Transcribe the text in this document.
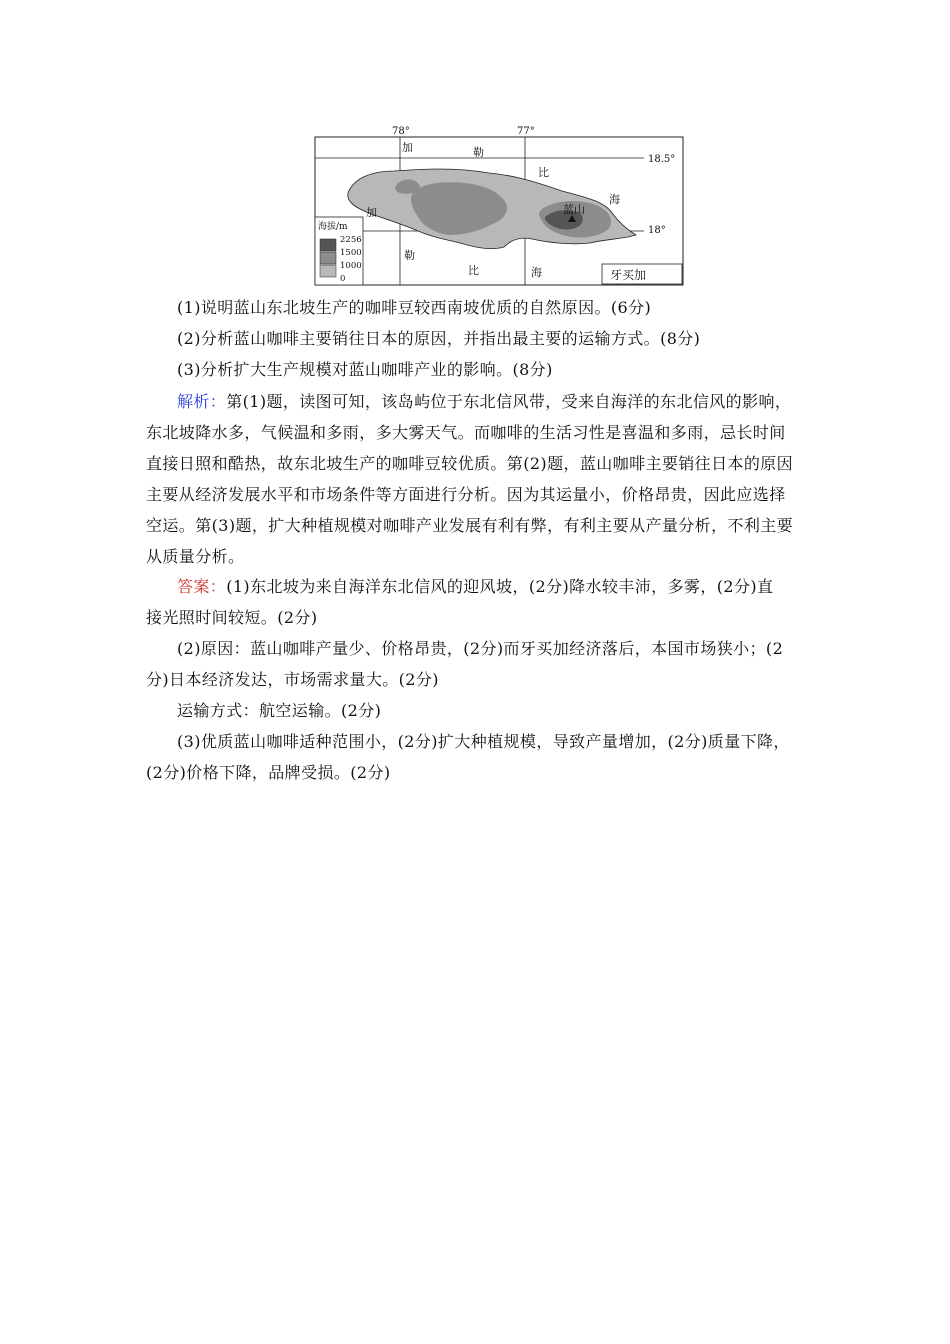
蓝山
78°	77°
18.5°
18°
加	勒
比
海
加
勒
比	海	牙买加
海拔/m
2256
1500
1000
0
(1)说明蓝山东北坡生产的咖啡豆较西南坡优质的自然原因。(6分)
(2)分析蓝山咖啡主要销往日本的原因，并指出最主要的运输方式。(8分)
(3)分析扩大生产规模对蓝山咖啡产业的影响。(8分)
解析：第(1)题，读图可知，该岛屿位于东北信风带，受来自海洋的东北信风的影响，
东北坡降水多，气候温和多雨，多大雾天气。而咖啡的生活习性是喜温和多雨，忌长时间
直接日照和酷热，故东北坡生产的咖啡豆较优质。第(2)题，蓝山咖啡主要销往日本的原因
主要从经济发展水平和市场条件等方面进行分析。因为其运量小，价格昂贵，因此应选择
空运。第(3)题，扩大种植规模对咖啡产业发展有利有弊，有利主要从产量分析，不利主要
从质量分析。
答案：(1)东北坡为来自海洋东北信风的迎风坡，(2分)降水较丰沛，多雾，(2分)直
接光照时间较短。(2分)
(2)原因：蓝山咖啡产量少、价格昂贵，(2分)而牙买加经济落后，本国市场狭小；(2
分)日本经济发达，市场需求量大。(2分)
运输方式：航空运输。(2分)
(3)优质蓝山咖啡适种范围小，(2分)扩大种植规模，导致产量增加，(2分)质量下降，
(2分)价格下降，品牌受损。(2分)
